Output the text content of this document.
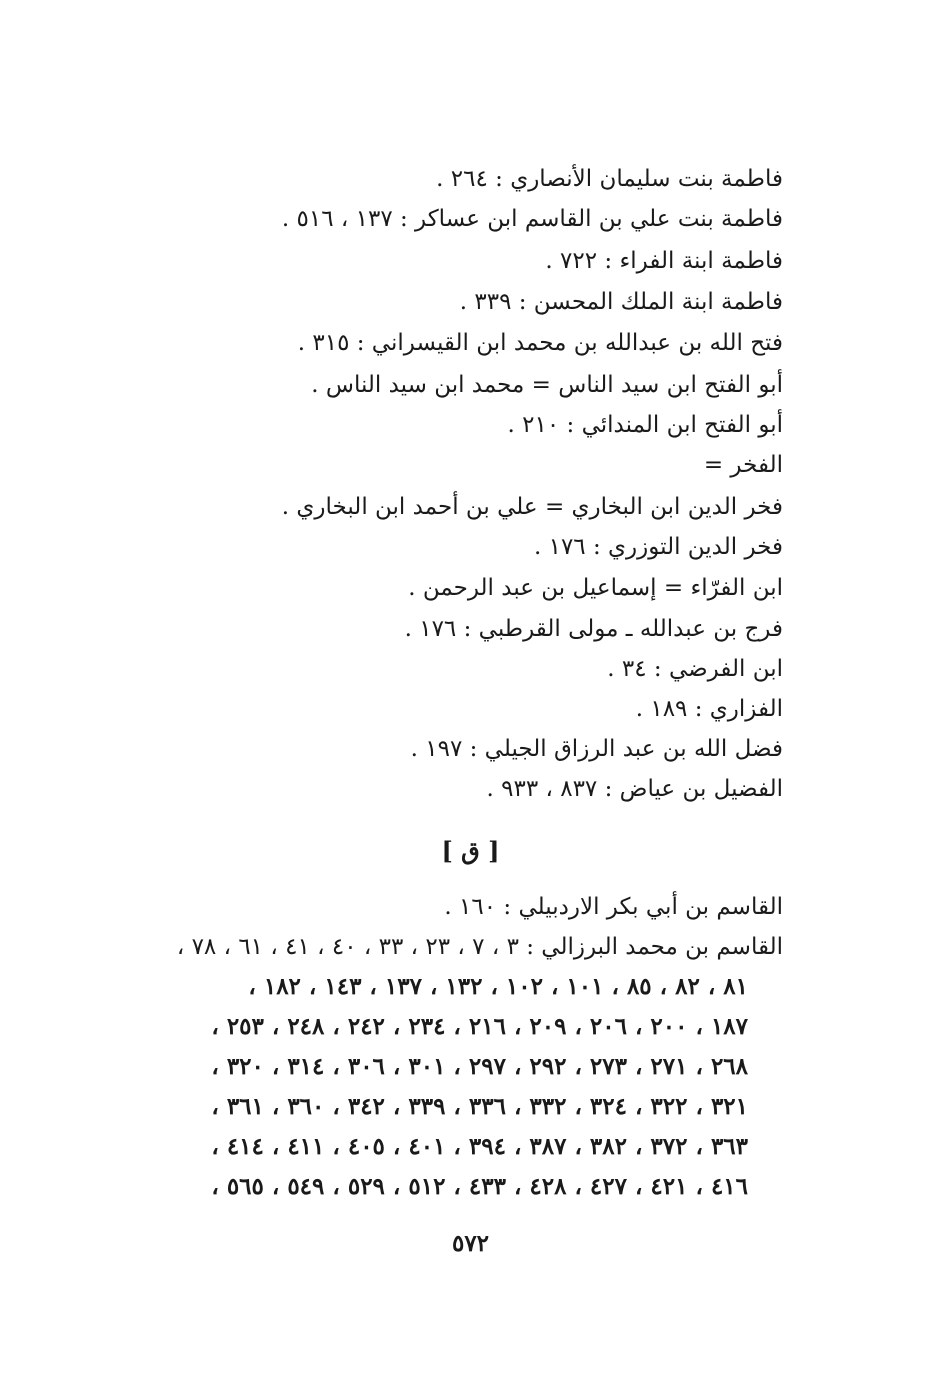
فاطمة بنت سليمان الأنصاري : ٢٦٤ .
فاطمة بنت علي بن القاسم ابن عساكر : ١٣٧ ، ٥١٦ .
فاطمة ابنة الفراء : ٧٢٢ .
فاطمة ابنة الملك المحسن : ٣٣٩ .
فتح الله بن عبدالله بن محمد ابن القيسراني : ٣١٥ .
أبو الفتح ابن سيد الناس = محمد ابن سيد الناس .
أبو الفتح ابن المندائي : ٢١٠ .
الفخر =
فخر الدين ابن البخاري = علي بن أحمد ابن البخاري .
فخر الدين التوزري : ١٧٦ .
ابن الفرّاء = إسماعيل بن عبد الرحمن .
فرج بن عبدالله ـ مولى القرطبي : ١٧٦ .
ابن الفرضي : ٣٤ .
الفزاري : ١٨٩ .
فضل الله بن عبد الرزاق الجيلي : ١٩٧ .
الفضيل بن عياض : ٨٣٧ ، ٩٣٣ .
[ ق ]
القاسم بن أبي بكر الاردبيلي : ١٦٠ .
القاسم بن محمد البرزالي : ٣ ، ٧ ، ٢٣ ، ٣٣ ، ٤٠ ، ٤١ ، ٦١ ، ٧٨ ،
٨١ ، ٨٢ ، ٨٥ ، ١٠١ ، ١٠٢ ، ١٣٢ ، ١٣٧ ، ١٤٣ ، ١٨٢ ،
١٨٧ ، ٢٠٠ ، ٢٠٦ ، ٢٠٩ ، ٢١٦ ، ٢٣٤ ، ٢٤٢ ، ٢٤٨ ، ٢٥٣ ،
٢٦٨ ، ٢٧١ ، ٢٧٣ ، ٢٩٢ ، ٢٩٧ ، ٣٠١ ، ٣٠٦ ، ٣١٤ ، ٣٢٠ ،
٣٢١ ، ٣٢٢ ، ٣٢٤ ، ٣٣٢ ، ٣٣٦ ، ٣٣٩ ، ٣٤٢ ، ٣٦٠ ، ٣٦١ ،
٣٦٣ ، ٣٧٢ ، ٣٨٢ ، ٣٨٧ ، ٣٩٤ ، ٤٠١ ، ٤٠٥ ، ٤١١ ، ٤١٤ ،
٤١٦ ، ٤٢١ ، ٤٢٧ ، ٤٢٨ ، ٤٣٣ ، ٥١٢ ، ٥٢٩ ، ٥٤٩ ، ٥٦٥ ،
٥٧٢
